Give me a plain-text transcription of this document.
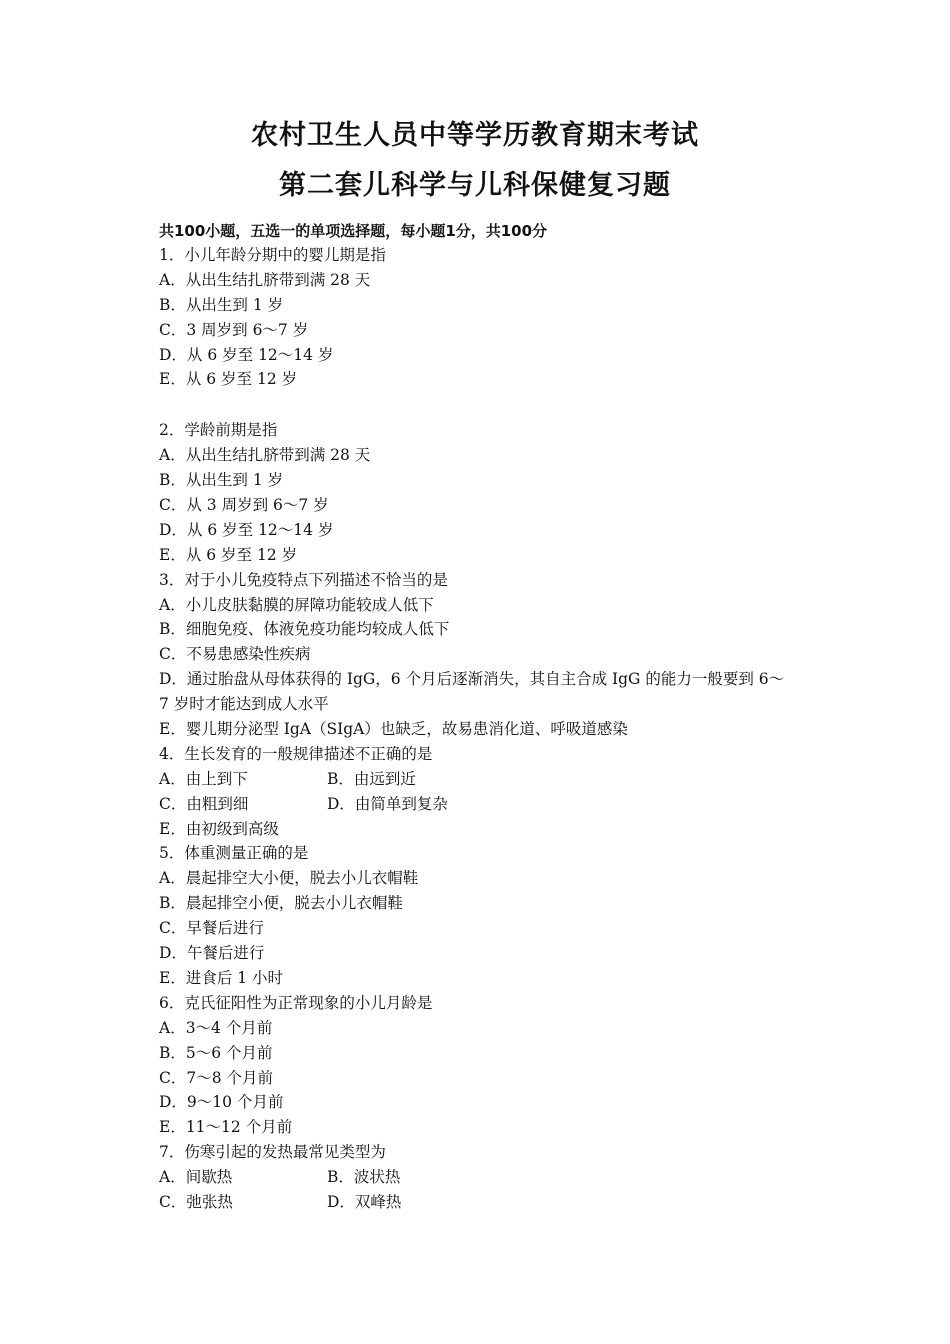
农村卫生人员中等学历教育期末考试
第二套儿科学与儿科保健复习题
共100小题，五选一的单项选择题，每小题1分，共100分
1．小儿年龄分期中的婴儿期是指
A．从出生结扎脐带到满 28 天
B．从出生到 1 岁
C．3 周岁到 6～7 岁
D．从 6 岁至 12～14 岁
E．从 6 岁至 12 岁
2．学龄前期是指
A．从出生结扎脐带到满 28 天
B．从出生到 1 岁
C．从 3 周岁到 6～7 岁
D．从 6 岁至 12～14 岁
E．从 6 岁至 12 岁
3．对于小儿免疫特点下列描述不恰当的是
A．小儿皮肤黏膜的屏障功能较成人低下
B．细胞免疫、体液免疫功能均较成人低下
C．不易患感染性疾病
D．通过胎盘从母体获得的 IgG，6 个月后逐渐消失，其自主合成 IgG 的能力一般要到 6～
7 岁时才能达到成人水平
E．婴儿期分泌型 IgA（SIgA）也缺乏，故易患消化道、呼吸道感染
4．生长发育的一般规律描述不正确的是
A．由上到下	B．由远到近
C．由粗到细	D．由简单到复杂
E．由初级到高级
5．体重测量正确的是
A．晨起排空大小便，脱去小儿衣帽鞋
B．晨起排空小便，脱去小儿衣帽鞋
C．早餐后进行
D．午餐后进行
E．进食后 1 小时
6．克氏征阳性为正常现象的小儿月龄是
A．3～4 个月前
B．5～6 个月前
C．7～8 个月前
D．9～10 个月前
E．11～12 个月前
7．伤寒引起的发热最常见类型为
A．间歇热	B．波状热
C．弛张热	D．双峰热
